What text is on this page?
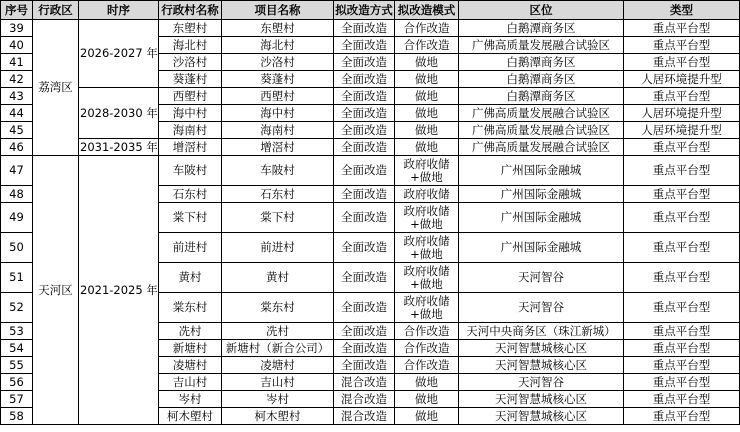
序号	行政区	时序	行政村名称	项目名称	拟改造方式	拟改造模式	区位	类型
39	荔湾区	2026-2027 年	东塱村	东塱村	全面改造	合作改造	白鹅潭商务区	重点平台型
40			海北村	海北村	全面改造	合作改造	广佛高质量发展融合试验区	重点平台型
41			沙洛村	沙洛村	全面改造	做地	白鹅潭商务区	重点平台型
42			葵蓬村	葵蓬村	全面改造	做地	白鹅潭商务区	人居环境提升型
43		2028-2030 年	西塱村	西塱村	全面改造	做地	白鹅潭商务区	重点平台型
44			海中村	海中村	全面改造	做地	广佛高质量发展融合试验区	人居环境提升型
45			海南村	海南村	全面改造	做地	广佛高质量发展融合试验区	人居环境提升型
46		2031-2035 年	增滘村	增滘村	全面改造	做地	广佛高质量发展融合试验区	重点平台型
47	天河区	2021-2025 年	车陂村	车陂村	全面改造	政府收储+做地	广州国际金融城	重点平台型
48			石东村	石东村	全面改造	政府收储	广州国际金融城	重点平台型
49			棠下村	棠下村	全面改造	政府收储+做地	广州国际金融城	重点平台型
50			前进村	前进村	全面改造	政府收储+做地	广州国际金融城	重点平台型
51			黄村	黄村	全面改造	政府收储+做地	天河智谷	重点平台型
52			棠东村	棠东村	全面改造	政府收储+做地	天河智谷	重点平台型
53			冼村	冼村	全面改造	合作改造	天河中央商务区（珠江新城）	重点平台型
54			新塘村	新塘村（新合公司）	全面改造	合作改造	天河智慧城核心区	重点平台型
55			凌塘村	凌塘村	全面改造	合作改造	天河智慧城核心区	重点平台型
56			吉山村	吉山村	混合改造	做地	天河智谷	重点平台型
57			岑村	岑村	混合改造	做地	天河智慧城核心区	重点平台型
58			柯木塱村	柯木塱村	混合改造	做地	天河智慧城核心区	重点平台型
